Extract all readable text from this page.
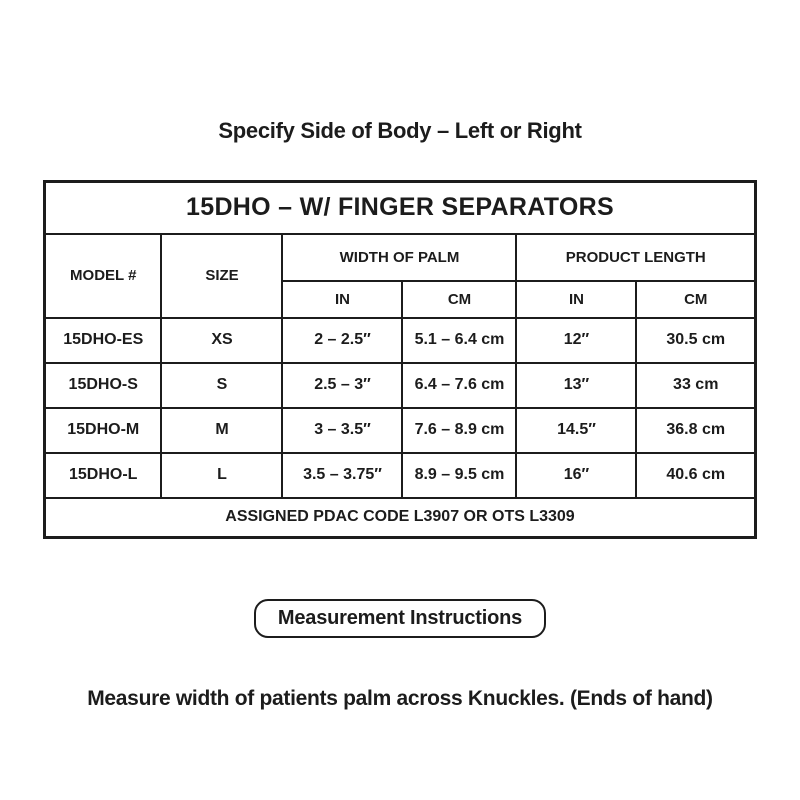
Specify Side of Body – Left or Right
15DHO – W/ FINGER SEPARATORS					
MODEL #	SIZE	WIDTH OF PALM		PRODUCT LENGTH	
		IN	CM	IN	CM
15DHO-ES	XS	2 – 2.5″	5.1 – 6.4 cm	12″	30.5 cm
15DHO-S	S	2.5 – 3″	6.4 – 7.6 cm	13″	33 cm
15DHO-M	M	3 – 3.5″	7.6 – 8.9 cm	14.5″	36.8 cm
15DHO-L	L	3.5 – 3.75″	8.9 – 9.5 cm	16″	40.6 cm
ASSIGNED PDAC CODE L3907 OR OTS L3309					
Measurement Instructions
Measure width of patients palm across Knuckles. (Ends of hand)
